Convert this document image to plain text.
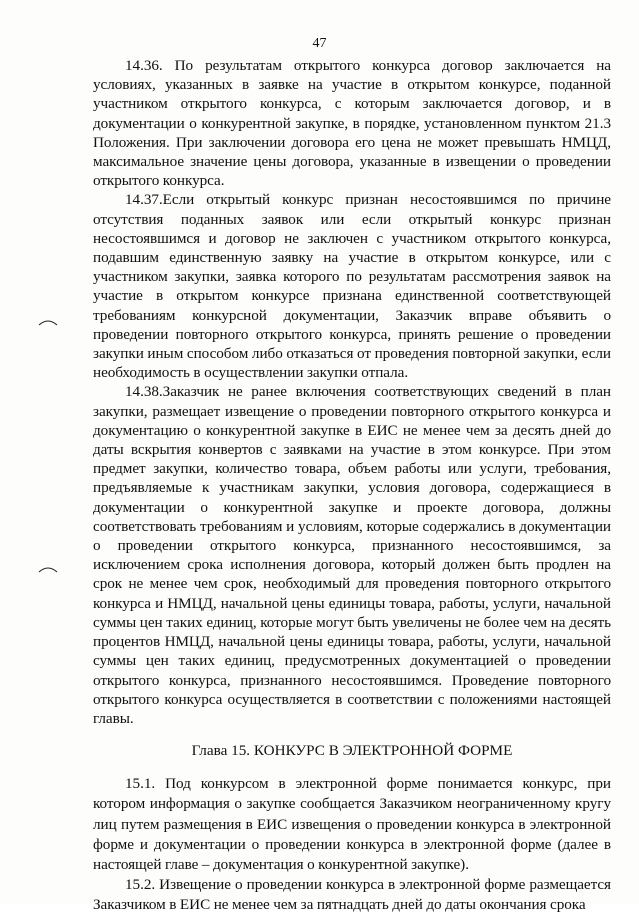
47

14.36. По результатам открытого конкурса договор заключается на условиях, указанных в заявке на участие в открытом конкурсе, поданной участником открытого конкурса, с которым заключается договор, и в документации о конкурентной закупке, в порядке, установленном пунктом 21.3 Положения. При заключении договора его цена не может превышать НМЦД, максимальное значение цены договора, указанные в извещении о проведении открытого конкурса.

14.37.Если открытый конкурс признан несостоявшимся по причине отсутствия поданных заявок или если открытый конкурс признан несостоявшимся и договор не заключен с участником открытого конкурса, подавшим единственную заявку на участие в открытом конкурсе, или с участником закупки, заявка которого по результатам рассмотрения заявок на участие в открытом конкурсе признана единственной соответствующей требованиям конкурсной документации, Заказчик вправе объявить о проведении повторного открытого конкурса, принять решение о проведении закупки иным способом либо отказаться от проведения повторной закупки, если необходимость в осуществлении закупки отпала.

14.38.Заказчик не ранее включения соответствующих сведений в план закупки, размещает извещение о проведении повторного открытого конкурса и документацию о конкурентной закупке в ЕИС не менее чем за десять дней до даты вскрытия конвертов с заявками на участие в этом конкурсе. При этом предмет закупки, количество товара, объем работы или услуги, требования, предъявляемые к участникам закупки, условия договора, содержащиеся в документации о конкурентной закупке и проекте договора, должны соответствовать требованиям и условиям, которые содержались в документации о проведении открытого конкурса, признанного несостоявшимся, за исключением срока исполнения договора, который должен быть продлен на срок не менее чем срок, необходимый для проведения повторного открытого конкурса и НМЦД, начальной цены единицы товара, работы, услуги, начальной суммы цен таких единиц, которые могут быть увеличены не более чем на десять процентов НМЦД, начальной цены единицы товара, работы, услуги, начальной суммы цен таких единиц, предусмотренных документацией о проведении открытого конкурса, признанного несостоявшимся. Проведение повторного открытого конкурса осуществляется в соответствии с положениями настоящей главы.

Глава 15. КОНКУРС В ЭЛЕКТРОННОЙ ФОРМЕ

15.1. Под конкурсом в электронной форме понимается конкурс, при котором информация о закупке сообщается Заказчиком неограниченному кругу лиц путем размещения в ЕИС извещения о проведении конкурса в электронной форме и документации о проведении конкурса в электронной форме (далее в настоящей главе – документация о конкурентной закупке).

15.2. Извещение о проведении конкурса в электронной форме размещается Заказчиком в ЕИС не менее чем за пятнадцать дней до даты окончания срока
